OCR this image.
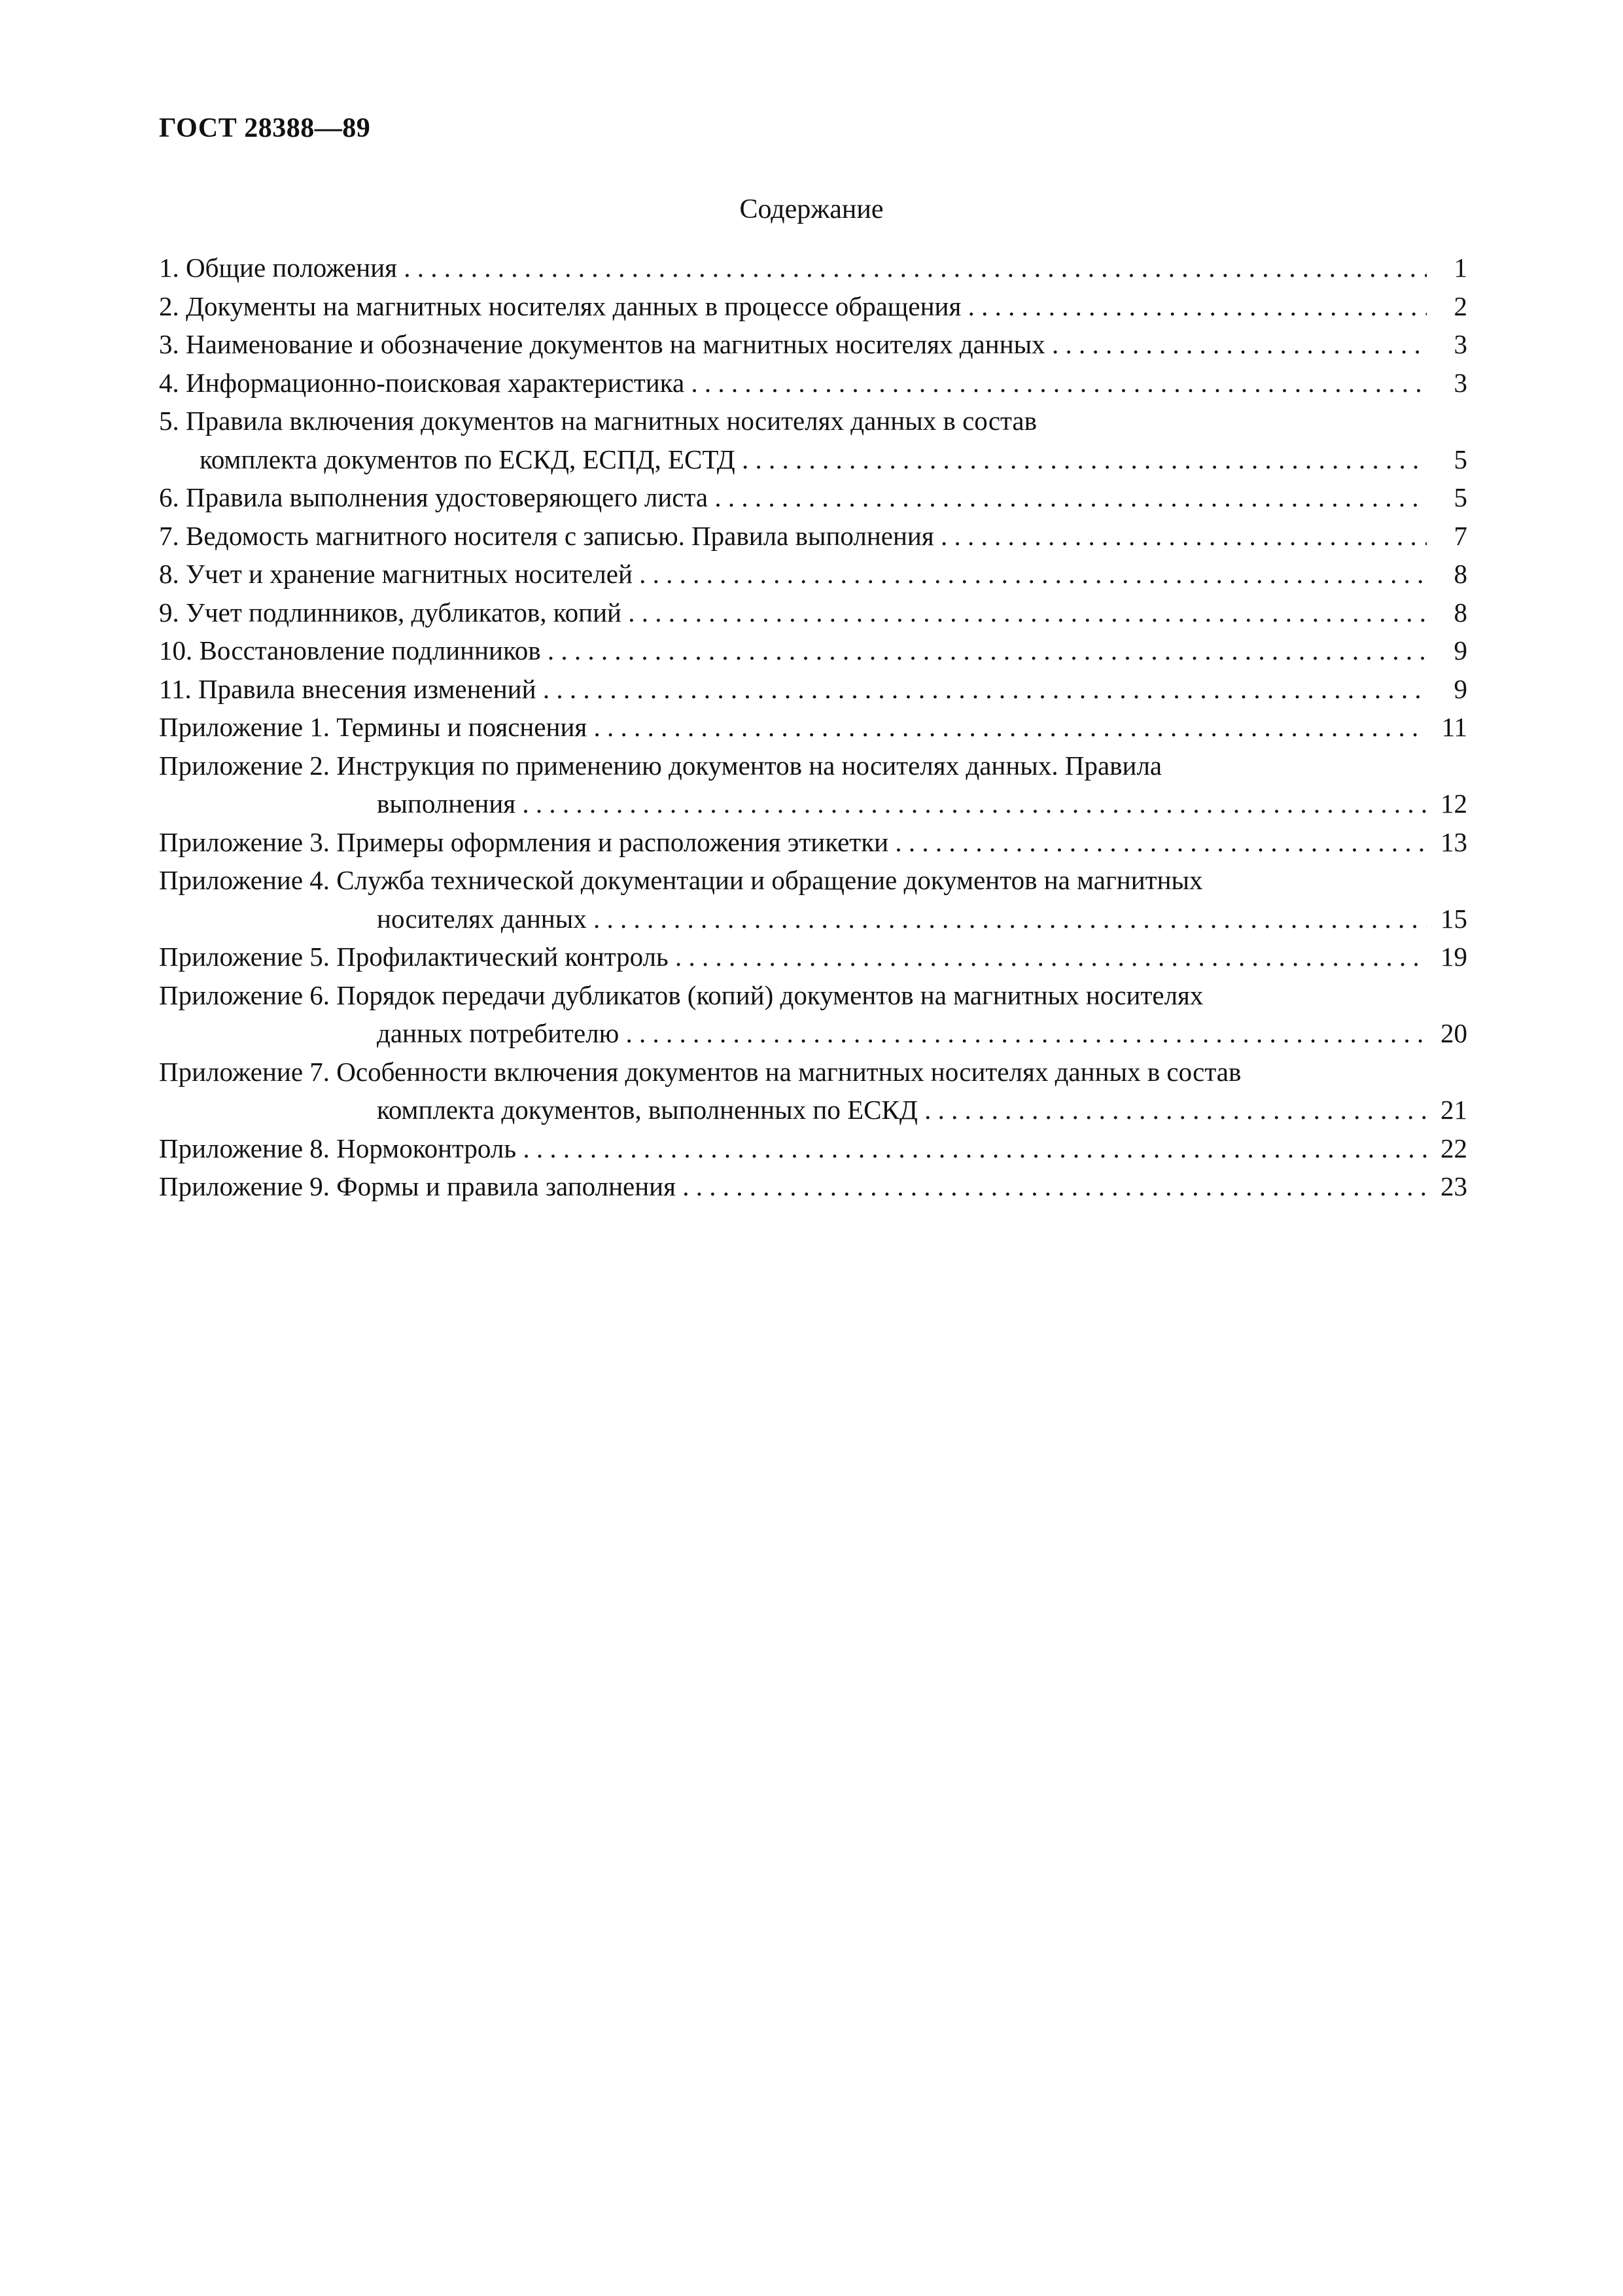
ГОСТ 28388—89
Содержание
1. Общие положения . . .	1
2. Документы на магнитных носителях данных в процессе обращения . . .	2
3. Наименование и обозначение документов на магнитных носителях данных . . .	3
4. Информационно-поисковая характеристика . . .	3
5. Правила включения документов на магнитных носителях данных в состав
комплекта документов по ЕСКД, ЕСПД, ЕСТД . . .	5
6. Правила выполнения удостоверяющего листа . . .	5
7. Ведомость магнитного носителя с записью. Правила выполнения . . .	7
8. Учет и хранение магнитных носителей . . .	8
9. Учет подлинников, дубликатов, копий . . .	8
10. Восстановление подлинников . . .	9
11. Правила внесения изменений . . .	9
Приложение 1. Термины и пояснения . . .	11
Приложение 2. Инструкция по применению документов на носителях данных. Правила
выполнения . . .	12
Приложение 3. Примеры оформления и расположения этикетки . . .	13
Приложение 4. Служба технической документации и обращение документов на магнитных
носителях данных . . .	15
Приложение 5. Профилактический контроль . . .	19
Приложение 6. Порядок передачи дубликатов (копий) документов на магнитных носителях
данных потребителю . . .	20
Приложение 7. Особенности включения документов на магнитных носителях данных в состав
комплекта документов, выполненных по ЕСКД . . .	21
Приложение 8. Нормоконтроль . . .	22
Приложение 9. Формы и правила заполнения . . .	23
